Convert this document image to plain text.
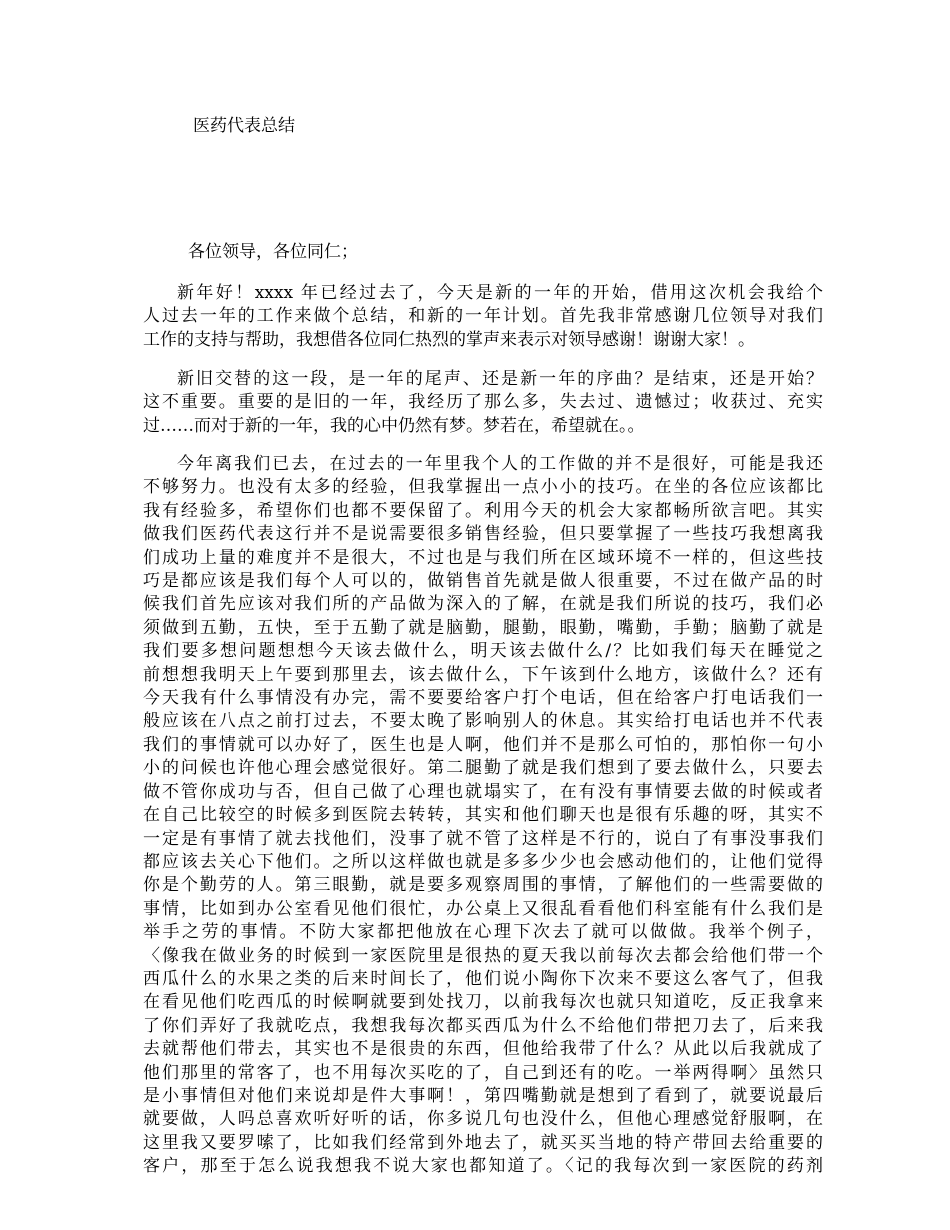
医药代表总结
各位领导，各位同仁；
新年好！xxxx 年已经过去了，今天是新的一年的开始，借用这次机会我给个
人过去一年的工作来做个总结，和新的一年计划。首先我非常感谢几位领导对我们
工作的支持与帮助，我想借各位同仁热烈的掌声来表示对领导感谢！谢谢大家！。
新旧交替的这一段，是一年的尾声、还是新一年的序曲？是结束，还是开始？
这不重要。重要的是旧的一年，我经历了那么多，失去过、遗憾过；收获过、充实
过……而对于新的一年，我的心中仍然有梦。梦若在，希望就在。。
今年离我们已去，在过去的一年里我个人的工作做的并不是很好，可能是我还
不够努力。也没有太多的经验，但我掌握出一点小小的技巧。在坐的各位应该都比
我有经验多，希望你们也都不要保留了。利用今天的机会大家都畅所欲言吧。其实
做我们医药代表这行并不是说需要很多销售经验，但只要掌握了一些技巧我想离我
们成功上量的难度并不是很大，不过也是与我们所在区域环境不一样的，但这些技
巧是都应该是我们每个人可以的，做销售首先就是做人很重要，不过在做产品的时
候我们首先应该对我们所的产品做为深入的了解，在就是我们所说的技巧，我们必
须做到五勤，五快，至于五勤了就是脑勤，腿勤，眼勤，嘴勤，手勤；脑勤了就是
我们要多想问题想想今天该去做什么，明天该去做什么/？比如我们每天在睡觉之
前想想我明天上午要到那里去，该去做什么，下午该到什么地方，该做什么？还有
今天我有什么事情没有办完，需不要要给客户打个电话，但在给客户打电话我们一
般应该在八点之前打过去，不要太晚了影响别人的休息。其实给打电话也并不代表
我们的事情就可以办好了，医生也是人啊，他们并不是那么可怕的，那怕你一句小
小的问候也许他心理会感觉很好。第二腿勤了就是我们想到了要去做什么，只要去
做不管你成功与否，但自己做了心理也就塌实了，在有没有事情要去做的时候或者
在自己比较空的时候多到医院去转转，其实和他们聊天也是很有乐趣的呀，其实不
一定是有事情了就去找他们，没事了就不管了这样是不行的，说白了有事没事我们
都应该去关心下他们。之所以这样做也就是多多少少也会感动他们的，让他们觉得
你是个勤劳的人。第三眼勤，就是要多观察周围的事情，了解他们的一些需要做的
事情，比如到办公室看见他们很忙，办公桌上又很乱看看他们科室能有什么我们是
举手之劳的事情。不防大家都把他放在心理下次去了就可以做做。我举个例子，
〈像我在做业务的时候到一家医院里是很热的夏天我以前每次去都会给他们带一个
西瓜什么的水果之类的后来时间长了，他们说小陶你下次来不要这么客气了，但我
在看见他们吃西瓜的时候啊就要到处找刀，以前我每次也就只知道吃，反正我拿来
了你们弄好了我就吃点，我想我每次都买西瓜为什么不给他们带把刀去了，后来我
去就帮他们带去，其实也不是很贵的东西，但他给我带了什么？从此以后我就成了
他们那里的常客了，也不用每次买吃的了，自己到还有的吃。一举两得啊〉虽然只
是小事情但对他们来说却是件大事啊！，第四嘴勤就是想到了看到了，就要说最后
就要做，人吗总喜欢听好听的话，你多说几句也没什么，但他心理感觉舒服啊，在
这里我又要罗嗦了，比如我们经常到外地去了，就买买当地的特产带回去给重要的
客户，那至于怎么说我想我不说大家也都知道了。〈记的我每次到一家医院的药剂
